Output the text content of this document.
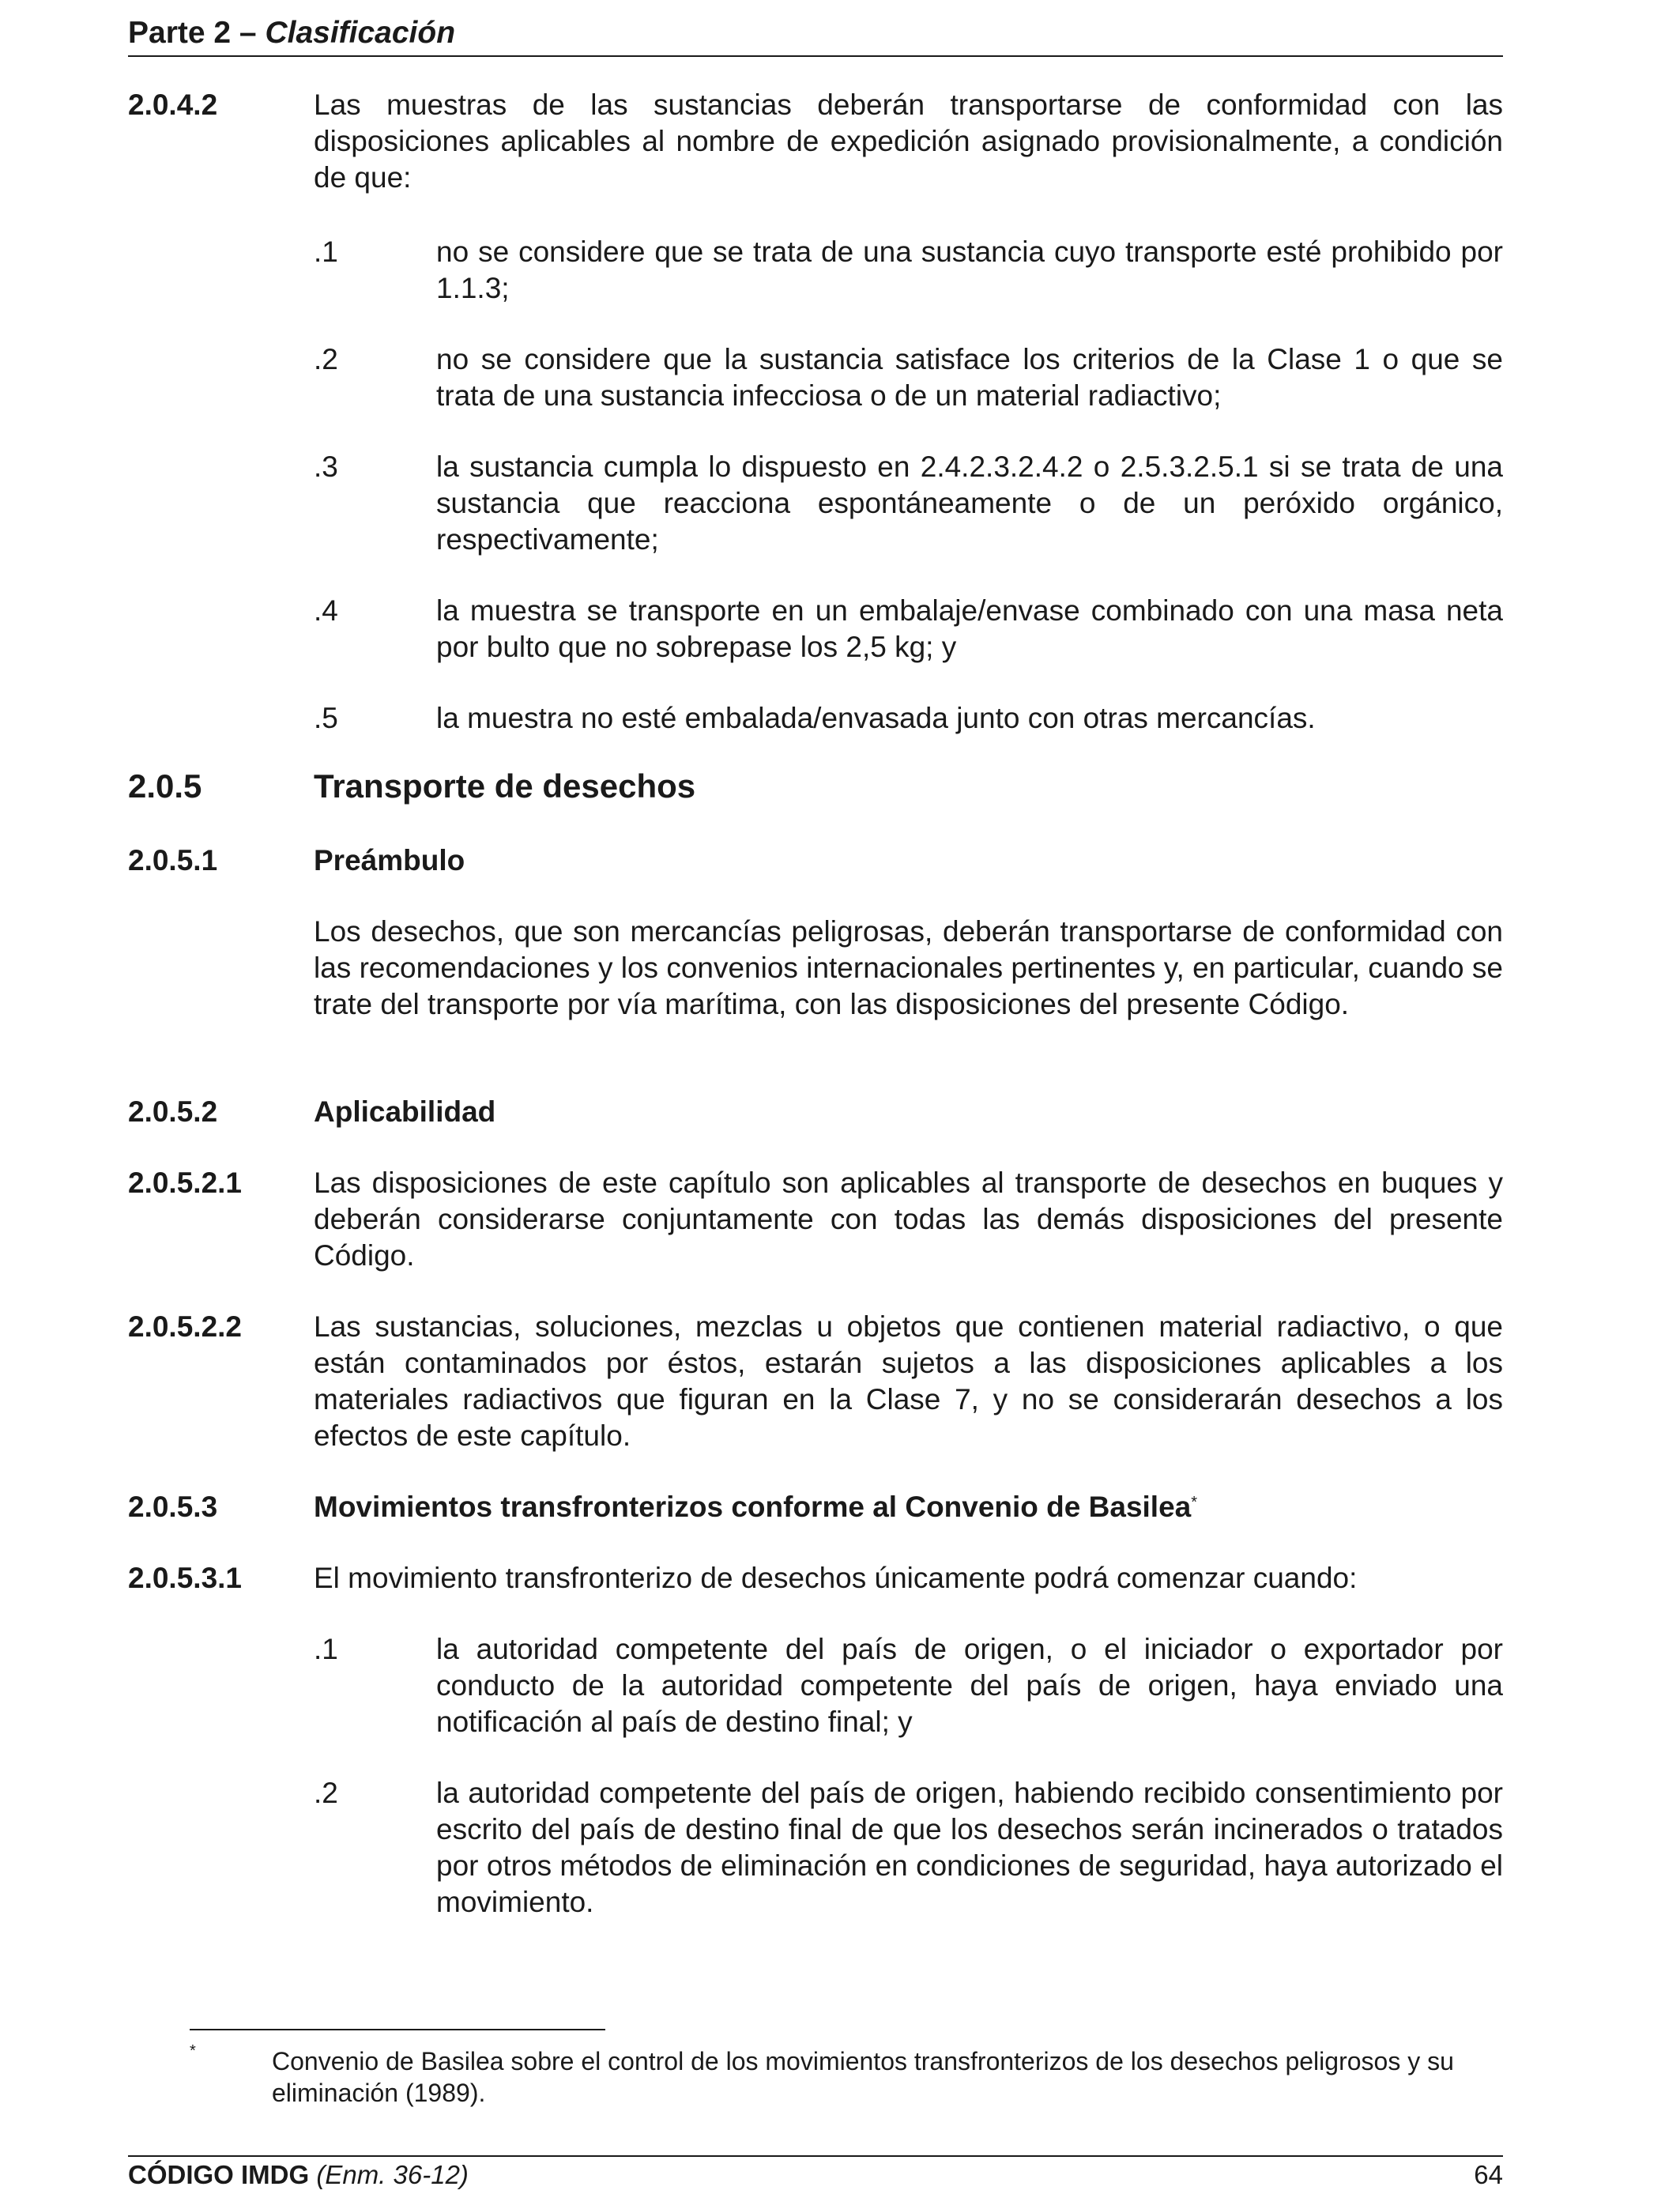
Parte 2 – Clasificación
2.0.4.2	Las muestras de las sustancias deberán transportarse de conformidad con las disposiciones aplicables al nombre de expedición asignado provisionalmente, a condición de que:
.1	no se considere que se trata de una sustancia cuyo transporte esté prohibido por 1.1.3;
.2	no se considere que la sustancia satisface los criterios de la Clase 1 o que se trata de una sustancia infecciosa o de un material radiactivo;
.3	la sustancia cumpla lo dispuesto en 2.4.2.3.2.4.2 o 2.5.3.2.5.1 si se trata de una sustancia que reacciona espontáneamente o de un peróxido orgánico, respectivamente;
.4	la muestra se transporte en un embalaje/envase combinado con una masa neta por bulto que no sobrepase los 2,5 kg; y
.5	la muestra no esté embalada/envasada junto con otras mercancías.
2.0.5	Transporte de desechos
2.0.5.1	Preámbulo
Los desechos, que son mercancías peligrosas, deberán transportarse de conformidad con las recomendaciones y los convenios internacionales pertinentes y, en particular, cuando se trate del transporte por vía marítima, con las disposiciones del presente Código.
2.0.5.2	Aplicabilidad
2.0.5.2.1 Las disposiciones de este capítulo son aplicables al transporte de desechos en buques y deberán considerarse conjuntamente con todas las demás disposiciones del presente Código.
2.0.5.2.2 Las sustancias, soluciones, mezclas u objetos que contienen material radiactivo, o que están contaminados por éstos, estarán sujetos a las disposiciones aplicables a los materiales radiactivos que figuran en la Clase 7, y no se considerarán desechos a los efectos de este capítulo.
2.0.5.3	Movimientos transfronterizos conforme al Convenio de Basilea*
2.0.5.3.1 El movimiento transfronterizo de desechos únicamente podrá comenzar cuando:
.1	la autoridad competente del país de origen, o el iniciador o exportador por conducto de la autoridad competente del país de origen, haya enviado una notificación al país de destino final; y
.2	la autoridad competente del país de origen, habiendo recibido consentimiento por escrito del país de destino final de que los desechos serán incinerados o tratados por otros métodos de eliminación en condiciones de seguridad, haya autorizado el movimiento.
*	Convenio de Basilea sobre el control de los movimientos transfronterizos de los desechos peligrosos y su eliminación (1989).
CÓDIGO IMDG (Enm. 36-12)	64
